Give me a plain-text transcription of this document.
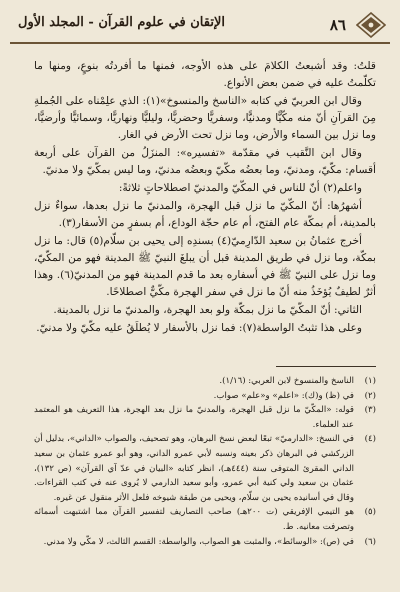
٨٦
الإتقان في علوم القرآن - المجلد الأول

قلتُ: وقد أشبعتُ الكلامَ على هذه الأوجه، فمنها ما أفردتُه بنوعٍ، ومنها ما تكلّمتُ عليه في ضمن بعض الأنواع.

وقال ابن العربيّ في كتابه «الناسخ والمنسوخ»(١): الذي علِمْناه على الجُملةِ مِنَ القرآنِ أنّ منه مكّيًّا ومدنيًّا، وسفريًّا وحضريًّا، وليليًّا ونهاريًّا، وسمائيًّا وأرضيًّا، وما نزل بين السماء والأرض، وما نزل تحت الأرض في الغار.

وقال ابن النَّقيب في مقدّمة «تفسيره»: المنزَلُ من القرآن على أربعة أقسام: مكّيّ، ومدنيّ، وما بعضُه مكّيّ وبعضُه مدنيّ، وما ليس بمكّيّ ولا مدنيّ.

واعلم(٢) أنّ للناس في المكّيّ والمدنيّ اصطلاحاتٍ ثلاثةً:

أشهرُها: أنّ المكّيّ ما نزل قبل الهجرة، والمدنيّ ما نزل بعدها، سواءٌ نزل بالمدينة، أم بمكّة عام الفتح، أم عام حجّة الوداع، أم بسفرٍ من الأسفار(٣).

أخرج عثمانُ بن سعيد الدّارِميّ(٤) بسندِه إلى يحيى بن سلّام(٥) قال: ما نزل بمكّة، وما نزل في طريق المدينة قبل أن يبلغَ النبيّ ﷺ المدينة فهو من المكّيّ، وما نزل على النبيّ ﷺ في أسفاره بعد ما قدم المدينة فهو من المدنيّ(٦). وهذا أثرٌ لطيفٌ يُؤخَذُ منه أنّ ما نزل في سفر الهجرة مكّيٌّ اصطلاحًا.

الثاني: أنّ المكّيّ ما نزل بمكّة ولو بعد الهجرة، والمدنيّ ما نزل بالمدينة.

وعلى هذا تثبتُ الواسطة(٧): فما نزل بالأسفار لا يُطلَقُ عليه مكّيّ ولا مدنيّ.

(١)
الناسخ والمنسوخ لابن العربي: (١/١٦).
(٢)
في (ظ) و(ك): «اعلم» و«علم» صواب.
(٣)
قوله: «المكّيّ ما نزل قبل الهجرة، والمدنيّ ما نزل بعد الهجرة، هذا التعريف هو المعتمد عند العلماء.
(٤)
في النسخ: «الدارميّ» تبعًا لبعض نسخ البرهان، وهو تصحيف، والصواب «الداني»، بدليل أن الزركشي في البرهان ذكر بعينه ونسبه لأبي عمرو الداني، وهو أبو عمرو عثمان بن سعيد الداني المقرئ المتوفى سنة (٤٤٤هـ)، انظر كتابه «البيان في عدّ آي القرآن» (ص ١٣٢)، عثمان بن سعيد ولي كنية أبي عمرو، وأبو سعيد الدارمي لا يُروى عنه في كتب القراءات. وقال في أسانيده يحيى بن سلّام، ويحيى من طبقة شيوخه فلعل الأثر منقول عن غيره.
(٥)
هو التيمي الإفريقي (ت ٢٠٠هـ) صاحب التصاريف لتفسير القرآن مما اشتبهت أسمائه وتصرفت معانيه. ط.
(٦)
في (ص): «الوسائط»، والمثبت هو الصواب، والواسطة: القسم الثالث، لا مكّي ولا مدني.
